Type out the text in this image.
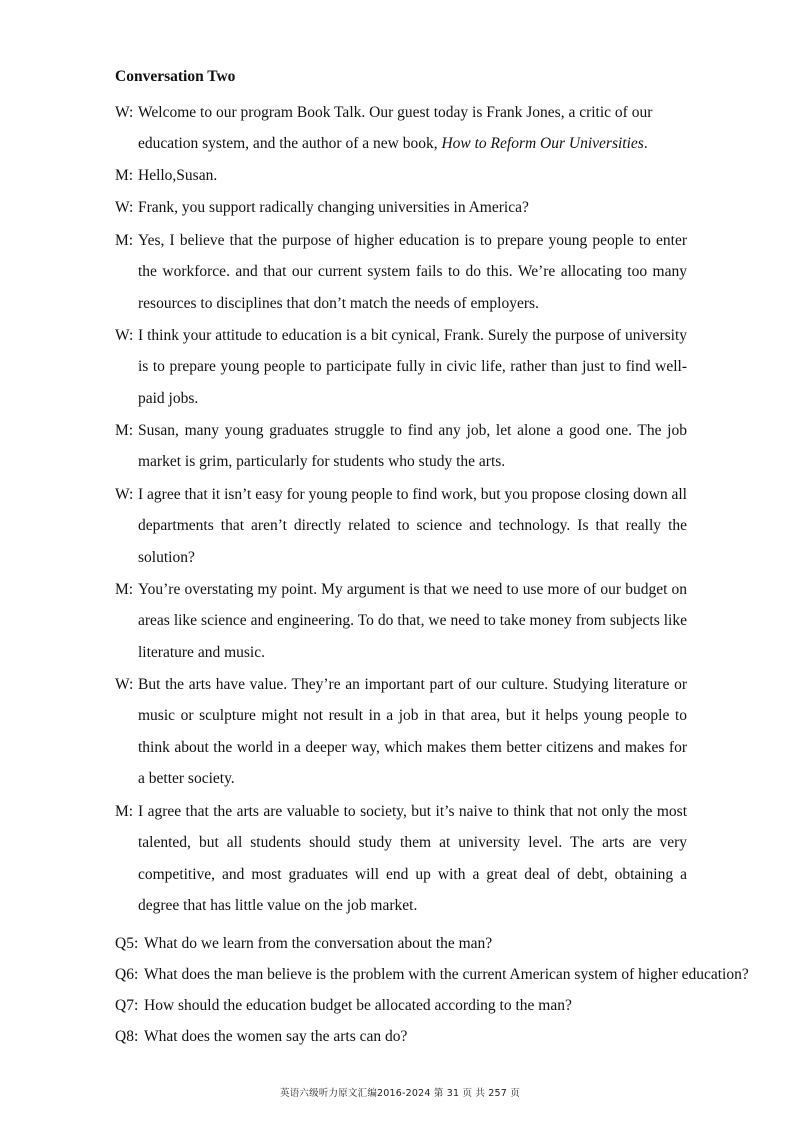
Conversation Two
W: Welcome to our program Book Talk. Our guest today is Frank Jones, a critic of our education system, and the author of a new book, How to Reform Our Universities.
M: Hello,Susan.
W: Frank, you support radically changing universities in America?
M: Yes, I believe that the purpose of higher education is to prepare young people to enter the workforce. and that our current system fails to do this. We’re allocating too many resources to disciplines that don’t match the needs of employers.
W: I think your attitude to education is a bit cynical, Frank. Surely the purpose of university is to prepare young people to participate fully in civic life, rather than just to find well-paid jobs.
M: Susan, many young graduates struggle to find any job, let alone a good one. The job market is grim, particularly for students who study the arts.
W: I agree that it isn’t easy for young people to find work, but you propose closing down all departments that aren’t directly related to science and technology. Is that really the solution?
M: You’re overstating my point. My argument is that we need to use more of our budget on areas like science and engineering. To do that, we need to take money from subjects like literature and music.
W: But the arts have value. They’re an important part of our culture. Studying literature or music or sculpture might not result in a job in that area, but it helps young people to think about the world in a deeper way, which makes them better citizens and makes for a better society.
M: I agree that the arts are valuable to society, but it’s naive to think that not only the most talented, but all students should study them at university level. The arts are very competitive, and most graduates will end up with a great deal of debt, obtaining a degree that has little value on the job market.
Q5: What do we learn from the conversation about the man?
Q6: What does the man believe is the problem with the current American system of higher education?
Q7: How should the education budget be allocated according to the man?
Q8: What does the women say the arts can do?
英语六级听力原文汇编2016-2024 第 31 页 共 257 页
